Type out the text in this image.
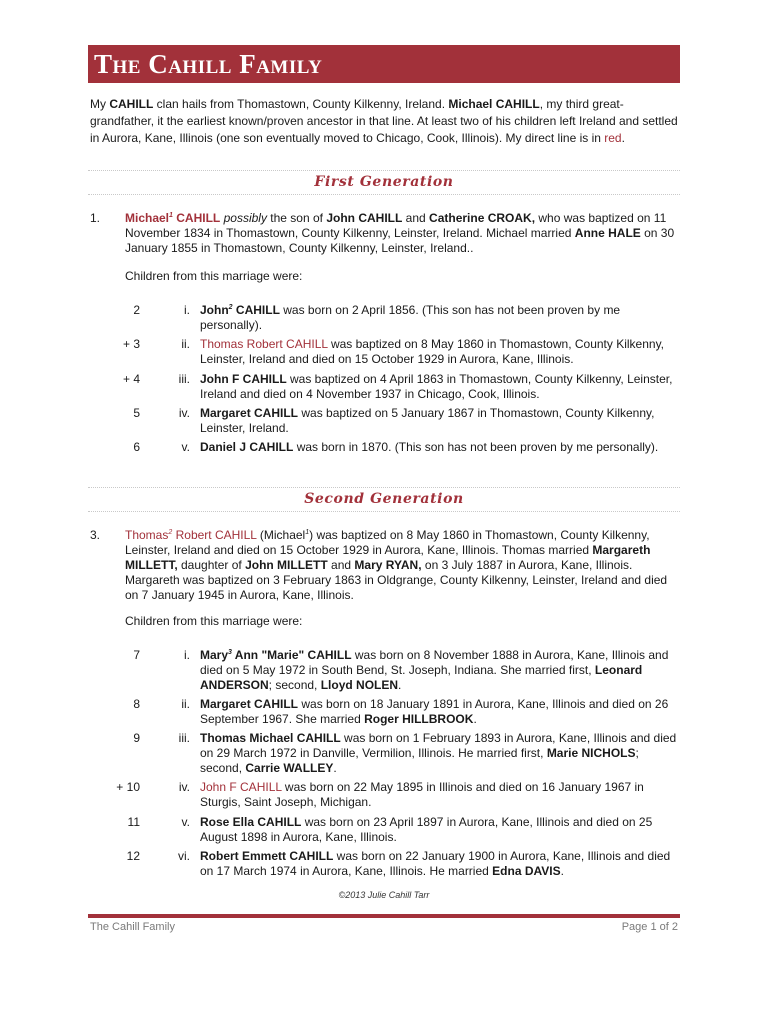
The Cahill Family
My CAHILL clan hails from Thomastown, County Kilkenny, Ireland. Michael CAHILL, my third great-grandfather, it the earliest known/proven ancestor in that line. At least two of his children left Ireland and settled in Aurora, Kane, Illinois (one son eventually moved to Chicago, Cook, Illinois). My direct line is in red.
First Generation
1. Michael$^1$ CAHILL possibly the son of John CAHILL and Catherine CROAK, who was baptized on 11 November 1834 in Thomastown, County Kilkenny, Leinster, Ireland. Michael married Anne HALE on 30 January 1855 in Thomastown, County Kilkenny, Leinster, Ireland..
Children from this marriage were:
2	i. John$^2$ CAHILL was born on 2 April 1856. (This son has not been proven by me personally).
+ 3	ii. Thomas Robert CAHILL was baptized on 8 May 1860 in Thomastown, County Kilkenny, Leinster, Ireland and died on 15 October 1929 in Aurora, Kane, Illinois.
+ 4	iii. John F CAHILL was baptized on 4 April 1863 in Thomastown, County Kilkenny, Leinster, Ireland and died on 4 November 1937 in Chicago, Cook, Illinois.
5	iv. Margaret CAHILL was baptized on 5 January 1867 in Thomastown, County Kilkenny, Leinster, Ireland.
6	v. Daniel J CAHILL was born in 1870. (This son has not been proven by me personally).
Second Generation
3. Thomas$^2$ Robert CAHILL (Michael$^1$) was baptized on 8 May 1860 in Thomastown, County Kilkenny, Leinster, Ireland and died on 15 October 1929 in Aurora, Kane, Illinois. Thomas married Margareth MILLETT, daughter of John MILLETT and Mary RYAN, on 3 July 1887 in Aurora, Kane, Illinois. Margareth was baptized on 3 February 1863 in Oldgrange, County Kilkenny, Leinster, Ireland and died on 7 January 1945 in Aurora, Kane, Illinois.
Children from this marriage were:
7	i. Mary$^3$ Ann "Marie" CAHILL was born on 8 November 1888 in Aurora, Kane, Illinois and died on 5 May 1972 in South Bend, St. Joseph, Indiana. She married first, Leonard ANDERSON; second, Lloyd NOLEN.
8	ii. Margaret CAHILL was born on 18 January 1891 in Aurora, Kane, Illinois and died on 26 September 1967. She married Roger HILLBROOK.
9	iii. Thomas Michael CAHILL was born on 1 February 1893 in Aurora, Kane, Illinois and died on 29 March 1972 in Danville, Vermilion, Illinois. He married first, Marie NICHOLS; second, Carrie WALLEY.
+ 10	iv. John F CAHILL was born on 22 May 1895 in Illinois and died on 16 January 1967 in Sturgis, Saint Joseph, Michigan.
11	v. Rose Ella CAHILL was born on 23 April 1897 in Aurora, Kane, Illinois and died on 25 August 1898 in Aurora, Kane, Illinois.
12	vi. Robert Emmett CAHILL was born on 22 January 1900 in Aurora, Kane, Illinois and died on 17 March 1974 in Aurora, Kane, Illinois. He married Edna DAVIS.
©2013 Julie Cahill Tarr
The Cahill Family	Page 1 of 2
